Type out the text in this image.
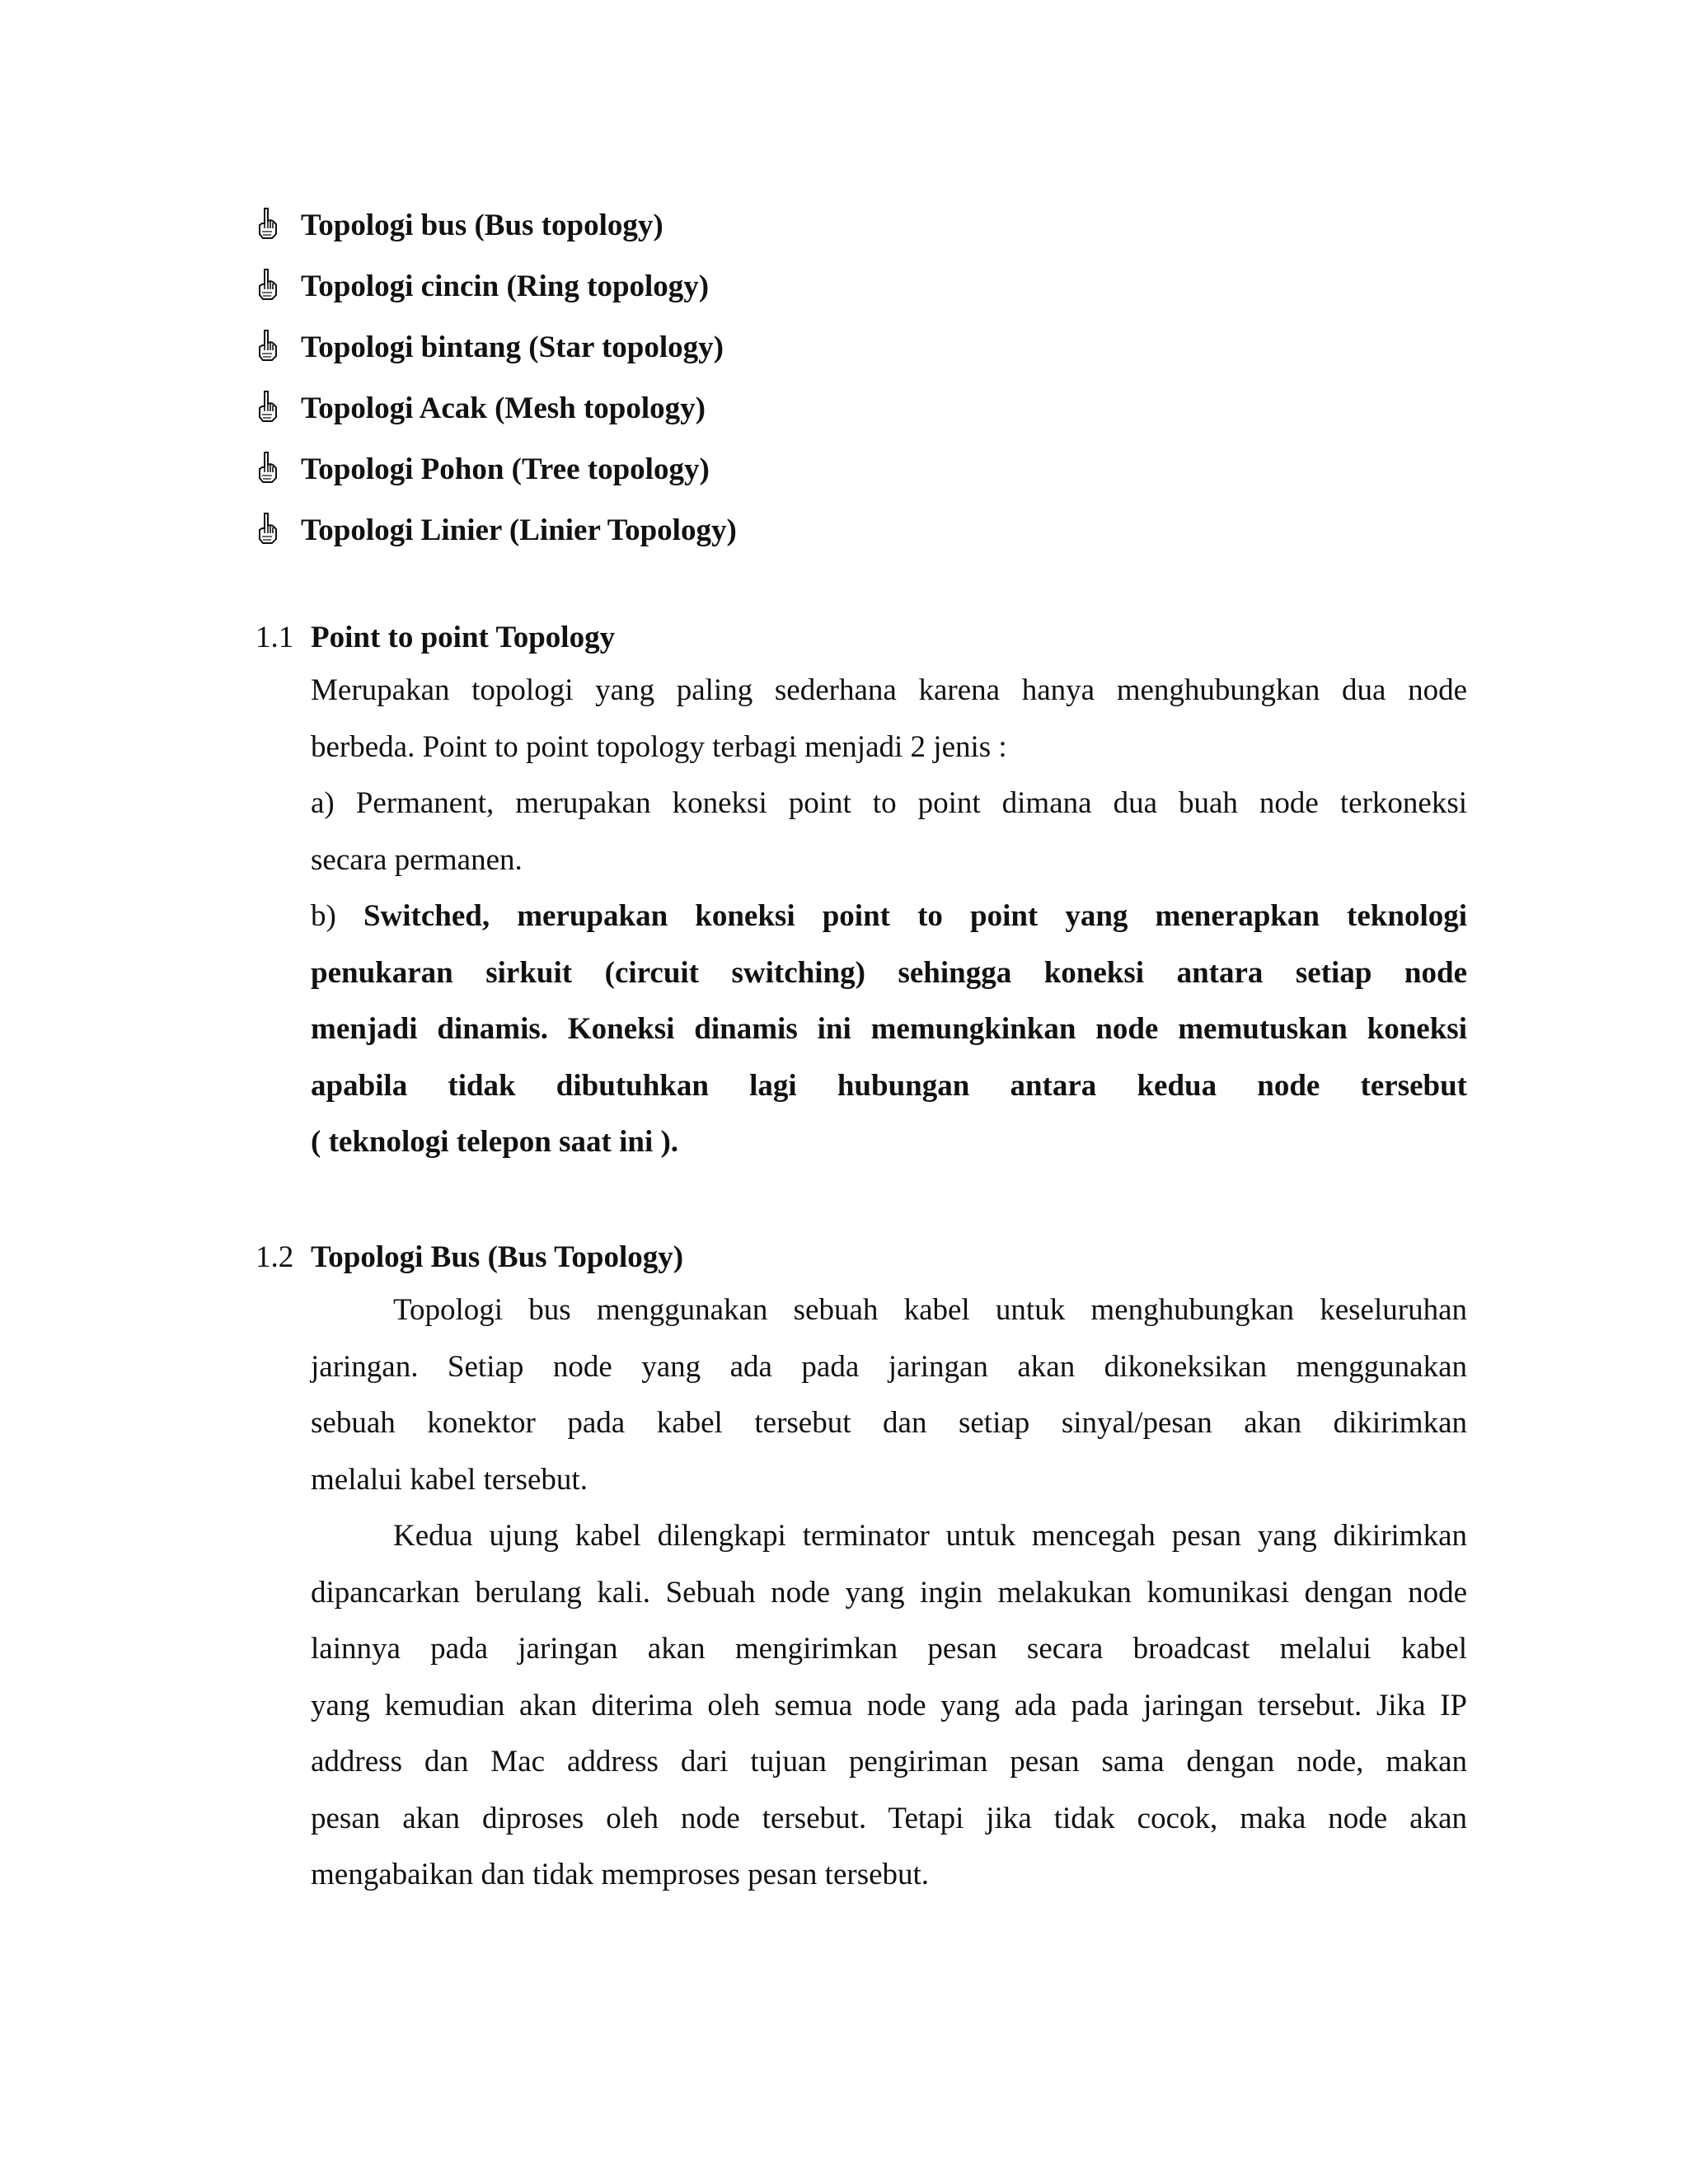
Topologi bus (Bus topology)
Topologi cincin (Ring topology)
Topologi bintang (Star topology)
Topologi Acak (Mesh topology)
Topologi Pohon (Tree topology)
Topologi Linier (Linier Topology)
1.1 Point to point Topology
Merupakan topologi yang paling sederhana karena hanya menghubungkan dua node
berbeda. Point to point topology terbagi menjadi 2 jenis :
a) Permanent, merupakan koneksi point to point dimana dua buah node terkoneksi
secara permanen.
b) Switched, merupakan koneksi point to point yang menerapkan teknologi
penukaran sirkuit (circuit switching) sehingga koneksi antara setiap node
menjadi dinamis. Koneksi dinamis ini memungkinkan node memutuskan koneksi
apabila tidak dibutuhkan lagi hubungan antara kedua node tersebut
( teknologi telepon saat ini ).
1.2 Topologi Bus (Bus Topology)
Topologi bus menggunakan sebuah kabel untuk menghubungkan keseluruhan
jaringan. Setiap node yang ada pada jaringan akan dikoneksikan menggunakan
sebuah konektor pada kabel tersebut dan setiap sinyal/pesan akan dikirimkan
melalui kabel tersebut.
Kedua ujung kabel dilengkapi terminator untuk mencegah pesan yang dikirimkan
dipancarkan berulang kali. Sebuah node yang ingin melakukan komunikasi dengan node
lainnya pada jaringan akan mengirimkan pesan secara broadcast melalui kabel
yang kemudian akan diterima oleh semua node yang ada pada jaringan tersebut. Jika IP
address dan Mac address dari tujuan pengiriman pesan sama dengan node, makan
pesan akan diproses oleh node tersebut. Tetapi jika tidak cocok, maka node akan
mengabaikan dan tidak memproses pesan tersebut.
